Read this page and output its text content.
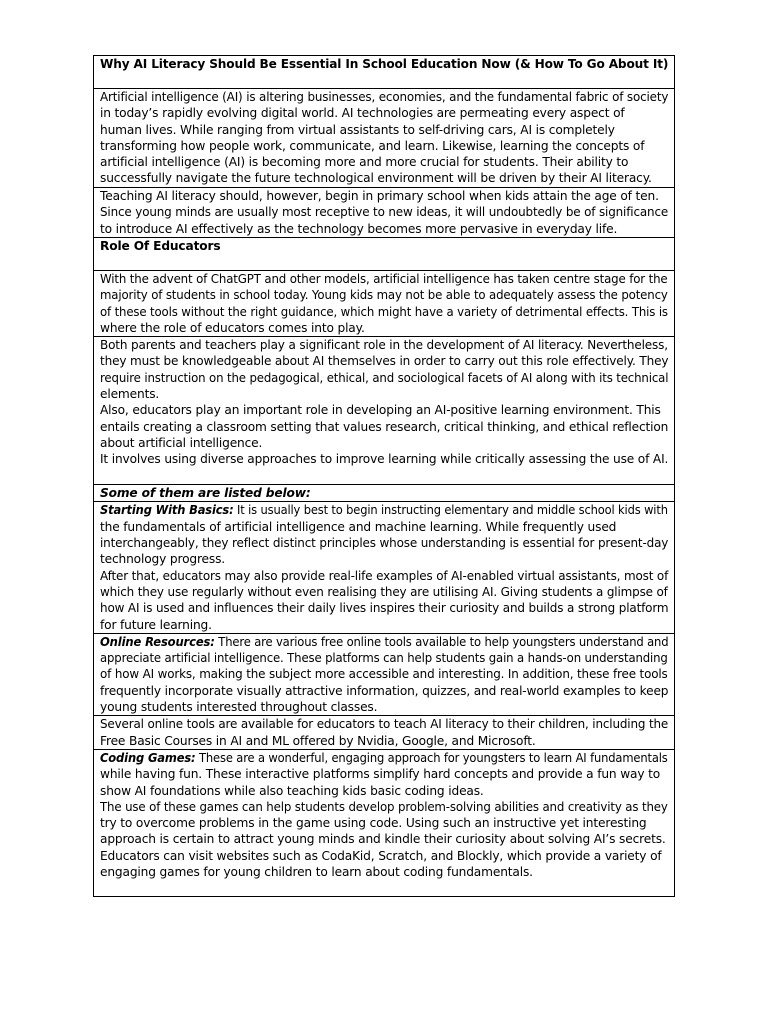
Why AI Literacy Should Be Essential In School Education Now (& How To Go About It)

Artificial intelligence (AI) is altering businesses, economies, and the fundamental fabric of society
in today’s rapidly evolving digital world. AI technologies are permeating every aspect of
human lives. While ranging from virtual assistants to self-driving cars, AI is completely
transforming how people work, communicate, and learn. Likewise, learning the concepts of
artificial intelligence (AI) is becoming more and more crucial for students. Their ability to
successfully navigate the future technological environment will be driven by their AI literacy.

Teaching AI literacy should, however, begin in primary school when kids attain the age of ten.
Since young minds are usually most receptive to new ideas, it will undoubtedly be of significance
to introduce AI effectively as the technology becomes more pervasive in everyday life.

Role Of Educators

With the advent of ChatGPT and other models, artificial intelligence has taken centre stage for the
majority of students in school today. Young kids may not be able to adequately assess the potency
of these tools without the right guidance, which might have a variety of detrimental effects. This is
where the role of educators comes into play.

Both parents and teachers play a significant role in the development of AI literacy. Nevertheless,
they must be knowledgeable about AI themselves in order to carry out this role effectively. They
require instruction on the pedagogical, ethical, and sociological facets of AI along with its technical
elements.
Also, educators play an important role in developing an AI-positive learning environment. This
entails creating a classroom setting that values research, critical thinking, and ethical reflection
about artificial intelligence.
It involves using diverse approaches to improve learning while critically assessing the use of AI.

Some of them are listed below:

Starting With Basics: It is usually best to begin instructing elementary and middle school kids with
the fundamentals of artificial intelligence and machine learning. While frequently used
interchangeably, they reflect distinct principles whose understanding is essential for present-day
technology progress.
After that, educators may also provide real-life examples of AI-enabled virtual assistants, most of
which they use regularly without even realising they are utilising AI. Giving students a glimpse of
how AI is used and influences their daily lives inspires their curiosity and builds a strong platform
for future learning.

Online Resources: There are various free online tools available to help youngsters understand and
appreciate artificial intelligence. These platforms can help students gain a hands-on understanding
of how AI works, making the subject more accessible and interesting. In addition, these free tools
frequently incorporate visually attractive information, quizzes, and real-world examples to keep
young students interested throughout classes.

Several online tools are available for educators to teach AI literacy to their children, including the
Free Basic Courses in AI and ML offered by Nvidia, Google, and Microsoft.

Coding Games: These are a wonderful, engaging approach for youngsters to learn AI fundamentals
while having fun. These interactive platforms simplify hard concepts and provide a fun way to
show AI foundations while also teaching kids basic coding ideas.
The use of these games can help students develop problem-solving abilities and creativity as they
try to overcome problems in the game using code. Using such an instructive yet interesting
approach is certain to attract young minds and kindle their curiosity about solving AI’s secrets.
Educators can visit websites such as CodaKid, Scratch, and Blockly, which provide a variety of
engaging games for young children to learn about coding fundamentals.
